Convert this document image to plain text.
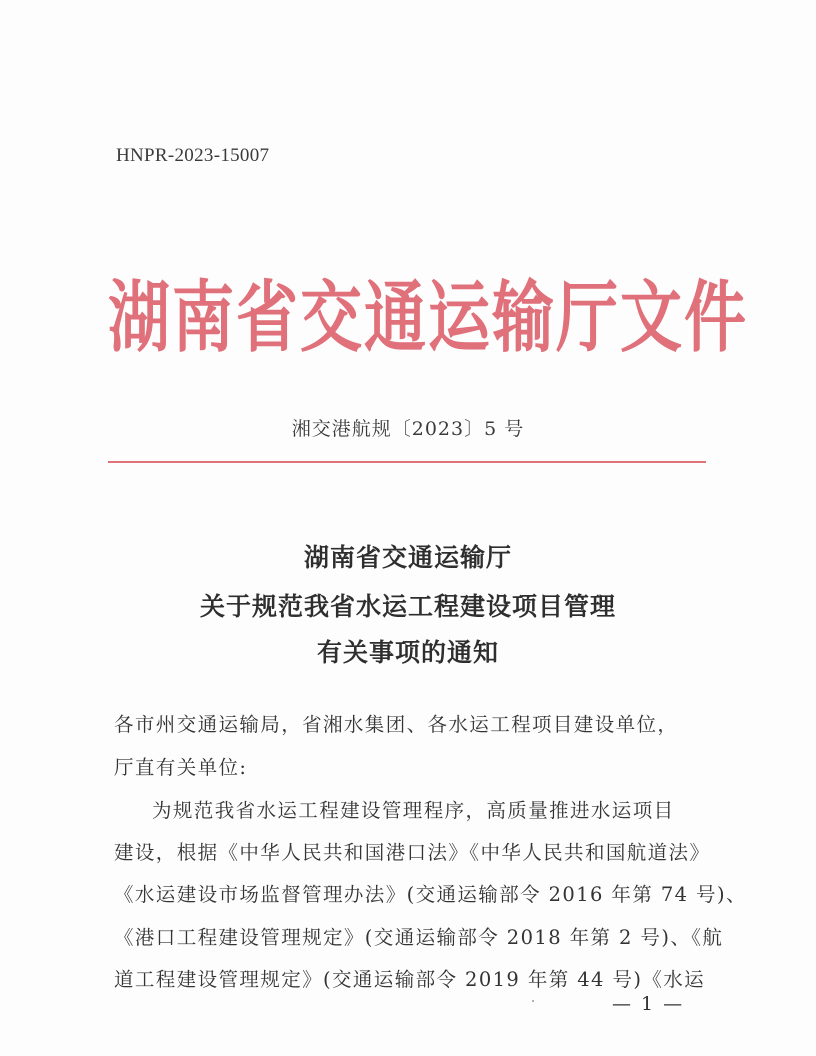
HNPR-2023-15007
湖南省交通运输厅文件
湘交港航规〔2023〕5 号
湖南省交通运输厅
关于规范我省水运工程建设项目管理
有关事项的通知
各市州交通运输局，省湘水集团、各水运工程项目建设单位，
厅直有关单位:
为规范我省水运工程建设管理程序，高质量推进水运项目
建设，根据《中华人民共和国港口法》《中华人民共和国航道法》
《水运建设市场监督管理办法》(交通运输部令 2016 年第 74 号)、
《港口工程建设管理规定》(交通运输部令 2018 年第 2 号)、《航
道工程建设管理规定》(交通运输部令 2019 年第 44 号)《水运
— 1 —
